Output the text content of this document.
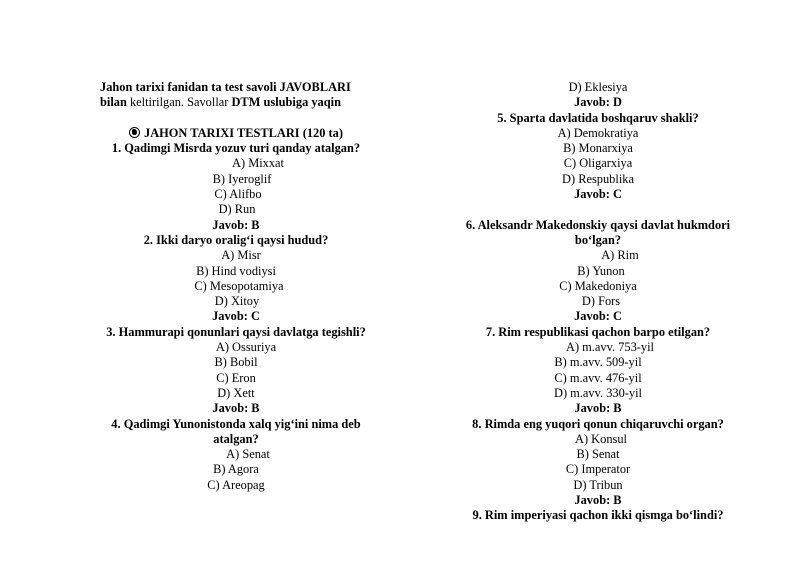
Jahon tarixi fanidan ta test savoli JAVOBLARI
bilan keltirilgan. Savollar DTM uslubiga yaqin
JAHON TARIXI TESTLARI (120 ta)
1. Qadimgi Misrda yozuv turi qanday atalgan?
A) Mixxat
B) Iyeroglif
C) Alifbo
D) Run
Javob: B
2. Ikki daryo oralig‘i qaysi hudud?
A) Misr
B) Hind vodiysi
C) Mesopotamiya
D) Xitoy
Javob: C
3. Hammurapi qonunlari qaysi davlatga tegishli?
A) Ossuriya
B) Bobil
C) Eron
D) Xett
Javob: B
4. Qadimgi Yunonistonda xalq yig‘ini nima deb
atalgan?
A) Senat
B) Agora
C) Areopag
D) Eklesiya
Javob: D
5. Sparta davlatida boshqaruv shakli?
A) Demokratiya
B) Monarxiya
C) Oligarxiya
D) Respublika
Javob: C
6. Aleksandr Makedonskiy qaysi davlat hukmdori
bo‘lgan?
A) Rim
B) Yunon
C) Makedoniya
D) Fors
Javob: C
7. Rim respublikasi qachon barpo etilgan?
A) m.avv. 753-yil
B) m.avv. 509-yil
C) m.avv. 476-yil
D) m.avv. 330-yil
Javob: B
8. Rimda eng yuqori qonun chiqaruvchi organ?
A) Konsul
B) Senat
C) Imperator
D) Tribun
Javob: B
9. Rim imperiyasi qachon ikki qismga bo‘lindi?
